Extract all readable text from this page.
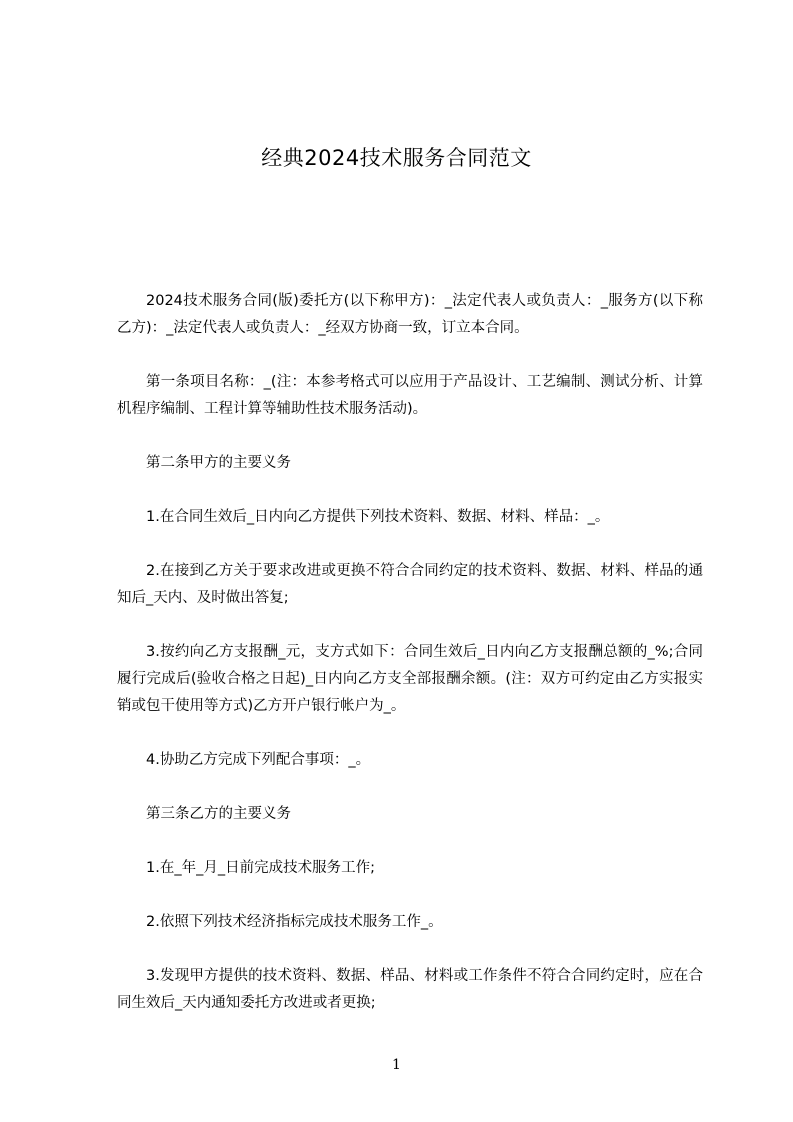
经典2024技术服务合同范文

2024技术服务合同(版)委托方(以下称甲方)：_法定代表人或负责人：_服务方(以下称乙方)：_法定代表人或负责人：_经双方协商一致，订立本合同。

第一条项目名称：_(注：本参考格式可以应用于产品设计、工艺编制、测试分析、计算机程序编制、工程计算等辅助性技术服务活动)。

第二条甲方的主要义务

1.在合同生效后_日内向乙方提供下列技术资料、数据、材料、样品：_。

2.在接到乙方关于要求改进或更换不符合合同约定的技术资料、数据、材料、样品的通知后_天内、及时做出答复;

3.按约向乙方支报酬_元，支方式如下：合同生效后_日内向乙方支报酬总额的_%;合同履行完成后(验收合格之日起)_日内向乙方支全部报酬余额。(注：双方可约定由乙方实报实销或包干使用等方式)乙方开户银行帐户为_。

4.协助乙方完成下列配合事项：_。

第三条乙方的主要义务

1.在_年_月_日前完成技术服务工作;

2.依照下列技术经济指标完成技术服务工作_。

3.发现甲方提供的技术资料、数据、样品、材料或工作条件不符合合同约定时，应在合同生效后_天内通知委托方改进或者更换;

1
